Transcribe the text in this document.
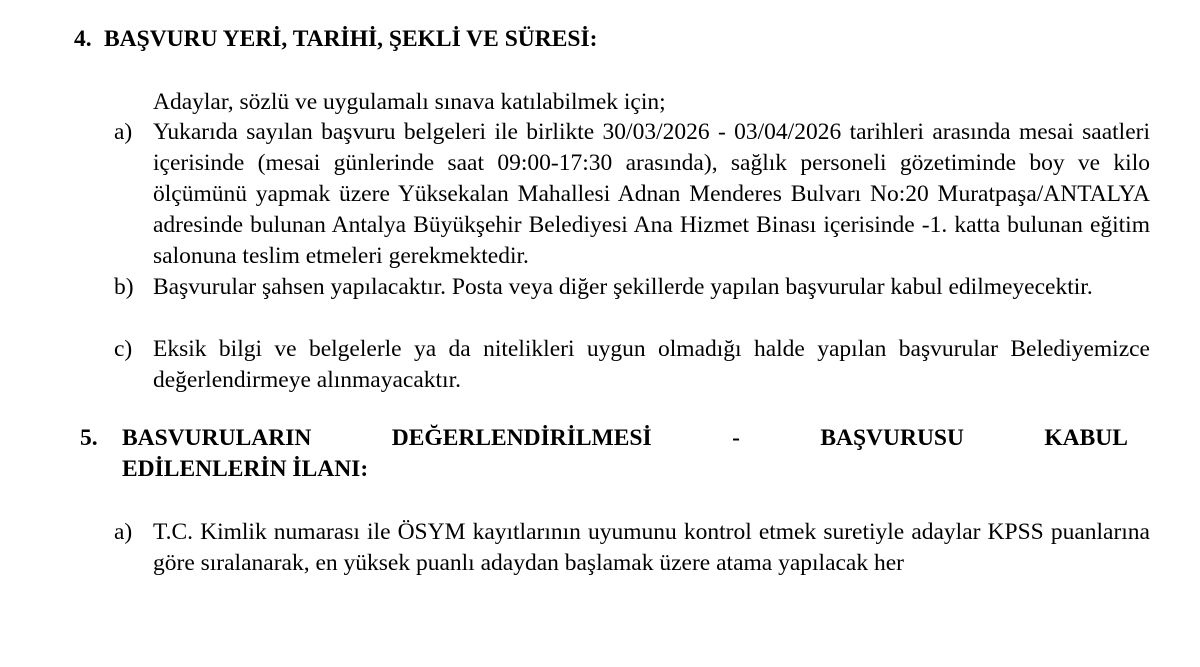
4. BAŞVURU YERİ, TARİHİ, ŞEKLİ VE SÜRESİ:
Adaylar, sözlü ve uygulamalı sınava katılabilmek için;
a) Yukarıda sayılan başvuru belgeleri ile birlikte 30/03/2026 - 03/04/2026 tarihleri arasında mesai saatleri içerisinde (mesai günlerinde saat 09:00-17:30 arasında), sağlık personeli gözetiminde boy ve kilo ölçümünü yapmak üzere Yüksekalan Mahallesi Adnan Menderes Bulvarı No:20 Muratpaşa/ANTALYA adresinde bulunan Antalya Büyükşehir Belediyesi Ana Hizmet Binası içerisinde -1. katta bulunan eğitim salonuna teslim etmeleri gerekmektedir.
b) Başvurular şahsen yapılacaktır. Posta veya diğer şekillerde yapılan başvurular kabul edilmeyecektir.
c) Eksik bilgi ve belgelerle ya da nitelikleri uygun olmadığı halde yapılan başvurular Belediyemizce değerlendirmeye alınmayacaktır.
5. BASVURULARIN	DEĞERLENDİRİLMESİ	-	BAŞVURUSU	KABUL
EDİLENLERİN İLANI:
a) T.C. Kimlik numarası ile ÖSYM kayıtlarının uyumunu kontrol etmek suretiyle adaylar KPSS puanlarına göre sıralanarak, en yüksek puanlı adaydan başlamak üzere atama yapılacak her
